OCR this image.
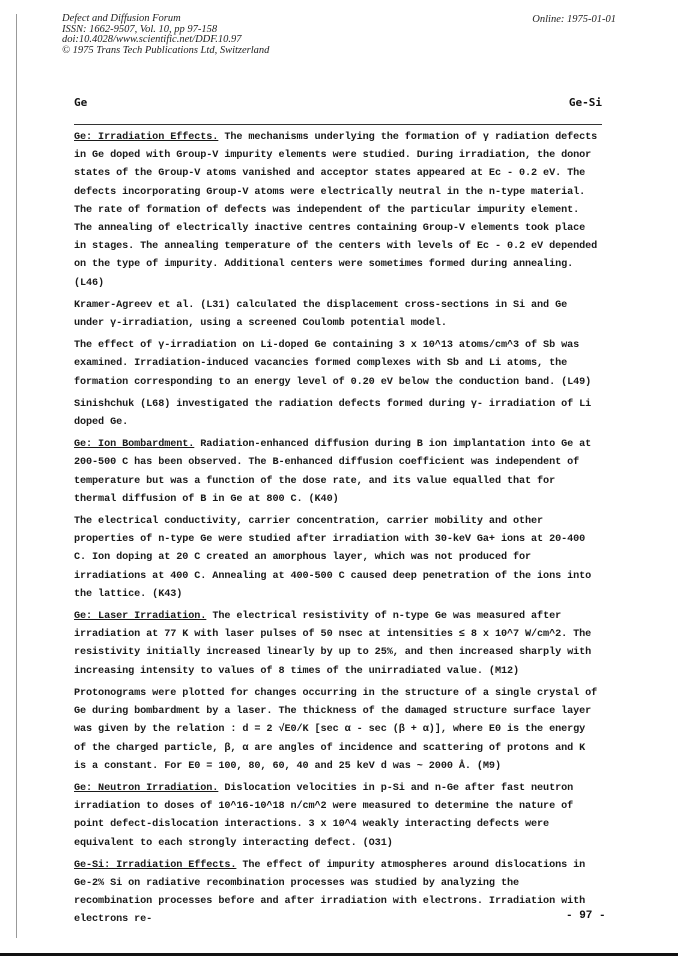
Defect and Diffusion Forum
ISSN: 1662-9507, Vol. 10, pp 97-158
doi:10.4028/www.scientific.net/DDF.10.97
© 1975 Trans Tech Publications Ltd, Switzerland
Online: 1975-01-01
Ge	Ge-Si

Ge: Irradiation Effects. The mechanisms underlying the formation of γ radiation defects in Ge doped with Group-V impurity elements were studied. During irradiation, the donor states of the Group-V atoms vanished and acceptor states appeared at Ec - 0.2 eV. The defects incorporating Group-V atoms were electrically neutral in the n-type material. The rate of formation of defects was independent of the particular impurity element. The annealing of electrically inactive centres containing Group-V elements took place in stages. The annealing temperature of the centers with levels of Ec - 0.2 eV depended on the type of impurity. Additional centers were sometimes formed during annealing. (L46)

Kramer-Agreev et al. (L31) calculated the displacement cross-sections in Si and Ge under γ-irradiation, using a screened Coulomb potential model.

The effect of γ-irradiation on Li-doped Ge containing 3 x 10^13 atoms/cm^3 of Sb was examined. Irradiation-induced vacancies formed complexes with Sb and Li atoms, the formation corresponding to an energy level of 0.20 eV below the conduction band. (L49)

Sinishchuk (L68) investigated the radiation defects formed during γ- irradiation of Li doped Ge.

Ge: Ion Bombardment. Radiation-enhanced diffusion during B ion implantation into Ge at 200-500 C has been observed. The B-enhanced diffusion coefficient was independent of temperature but was a function of the dose rate, and its value equalled that for thermal diffusion of B in Ge at 800 C. (K40)

The electrical conductivity, carrier concentration, carrier mobility and other properties of n-type Ge were studied after irradiation with 30-keV Ga+ ions at 20-400 C. Ion doping at 20 C created an amorphous layer, which was not produced for irradiations at 400 C. Annealing at 400-500 C caused deep penetration of the ions into the lattice. (K43)

Ge: Laser Irradiation. The electrical resistivity of n-type Ge was measured after irradiation at 77 K with laser pulses of 50 nsec at intensities ≤ 8 x 10^7 W/cm^2. The resistivity initially increased linearly by up to 25%, and then increased sharply with increasing intensity to values of 8 times of the unirradiated value. (M12)

Protonograms were plotted for changes occurring in the structure of a single crystal of Ge during bombardment by a laser. The thickness of the damaged structure surface layer was given by the relation : d = 2 √E0/K [sec α - sec (β + α)], where E0 is the energy of the charged particle, β, α are angles of incidence and scattering of protons and K is a constant. For E0 = 100, 80, 60, 40 and 25 keV d was ~ 2000 Å. (M9)

Ge: Neutron Irradiation. Dislocation velocities in p-Si and n-Ge after fast neutron irradiation to doses of 10^16-10^18 n/cm^2 were measured to determine the nature of point defect-dislocation interactions. 3 x 10^4 weakly interacting defects were equivalent to each strongly interacting defect. (O31)

Ge-Si: Irradiation Effects. The effect of impurity atmospheres around dislocations in Ge-2% Si on radiative recombination processes was studied by analyzing the recombination processes before and after irradiation with electrons. Irradiation with electrons re-	- 97 -
